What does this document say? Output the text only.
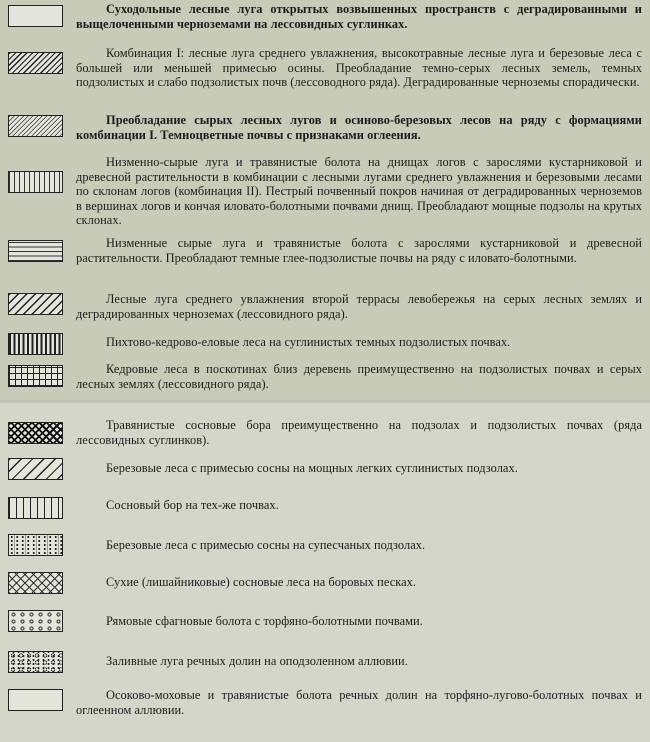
Суходольные лесные луга открытых возвышенных пространств с деградированными и выщелоченными черноземами на лессовидных суглинках.
Комбинация I: лесные луга среднего увлажнения, высокотравные лесные луга и березовые леса с большей или меньшей примесью осины. Преобладание темно-серых лесных земель, темных подзолистых и слабо подзолистых почв (лессоводного ряда). Деградированные черноземы спорадически.
Преобладание сырых лесных лугов и осиново-березовых лесов на ряду с формациями комбинации I. Темноцветные почвы с признаками оглеения.
Низменно-сырые луга и травянистые болота на днищах логов с зарослями кустарниковой и древесной растительности в комбинации с лесными лугами среднего увлажнения и березовыми лесами по склонам логов (комбинация II). Пестрый почвенный покров начиная от деградированных черноземов в вершинах логов и кончая иловато-болотными почвами днищ. Преобладают мощные подзолы на крутых склонах.
Низменные сырые луга и травянистые болота с зарослями кустарниковой и древесной растительности. Преобладают темные глее-подзолистые почвы на ряду с иловато-болотными.
Лесные луга среднего увлажнения второй террасы левобережья на серых лесных землях и деградированных черноземах (лессовидного ряда).
Пихтово-кедрово-еловые леса на суглинистых темных подзолистых почвах.
Кедровые леса в поскотинах близ деревень преимущественно на подзолистых почвах и серых лесных землях (лессовидного ряда).
Травянистые сосновые бора преимущественно на подзолах и подзолистых почвах (ряда лессовидных суглинков).
Березовые леса с примесью сосны на мощных легких суглинистых подзолах.
Сосновый бор на тех-же почвах.
Березовые леса с примесью сосны на супесчаных подзолах.
Сухие (лишайниковые) сосновые леса на боровых песках.
Рямовые сфагновые болота с торфяно-болотными почвами.
Заливные луга речных долин на оподзоленном аллювии.
Осоково-моховые и травянистые болота речных долин на торфяно-лугово-болотных почвах и оглеенном аллювии.
